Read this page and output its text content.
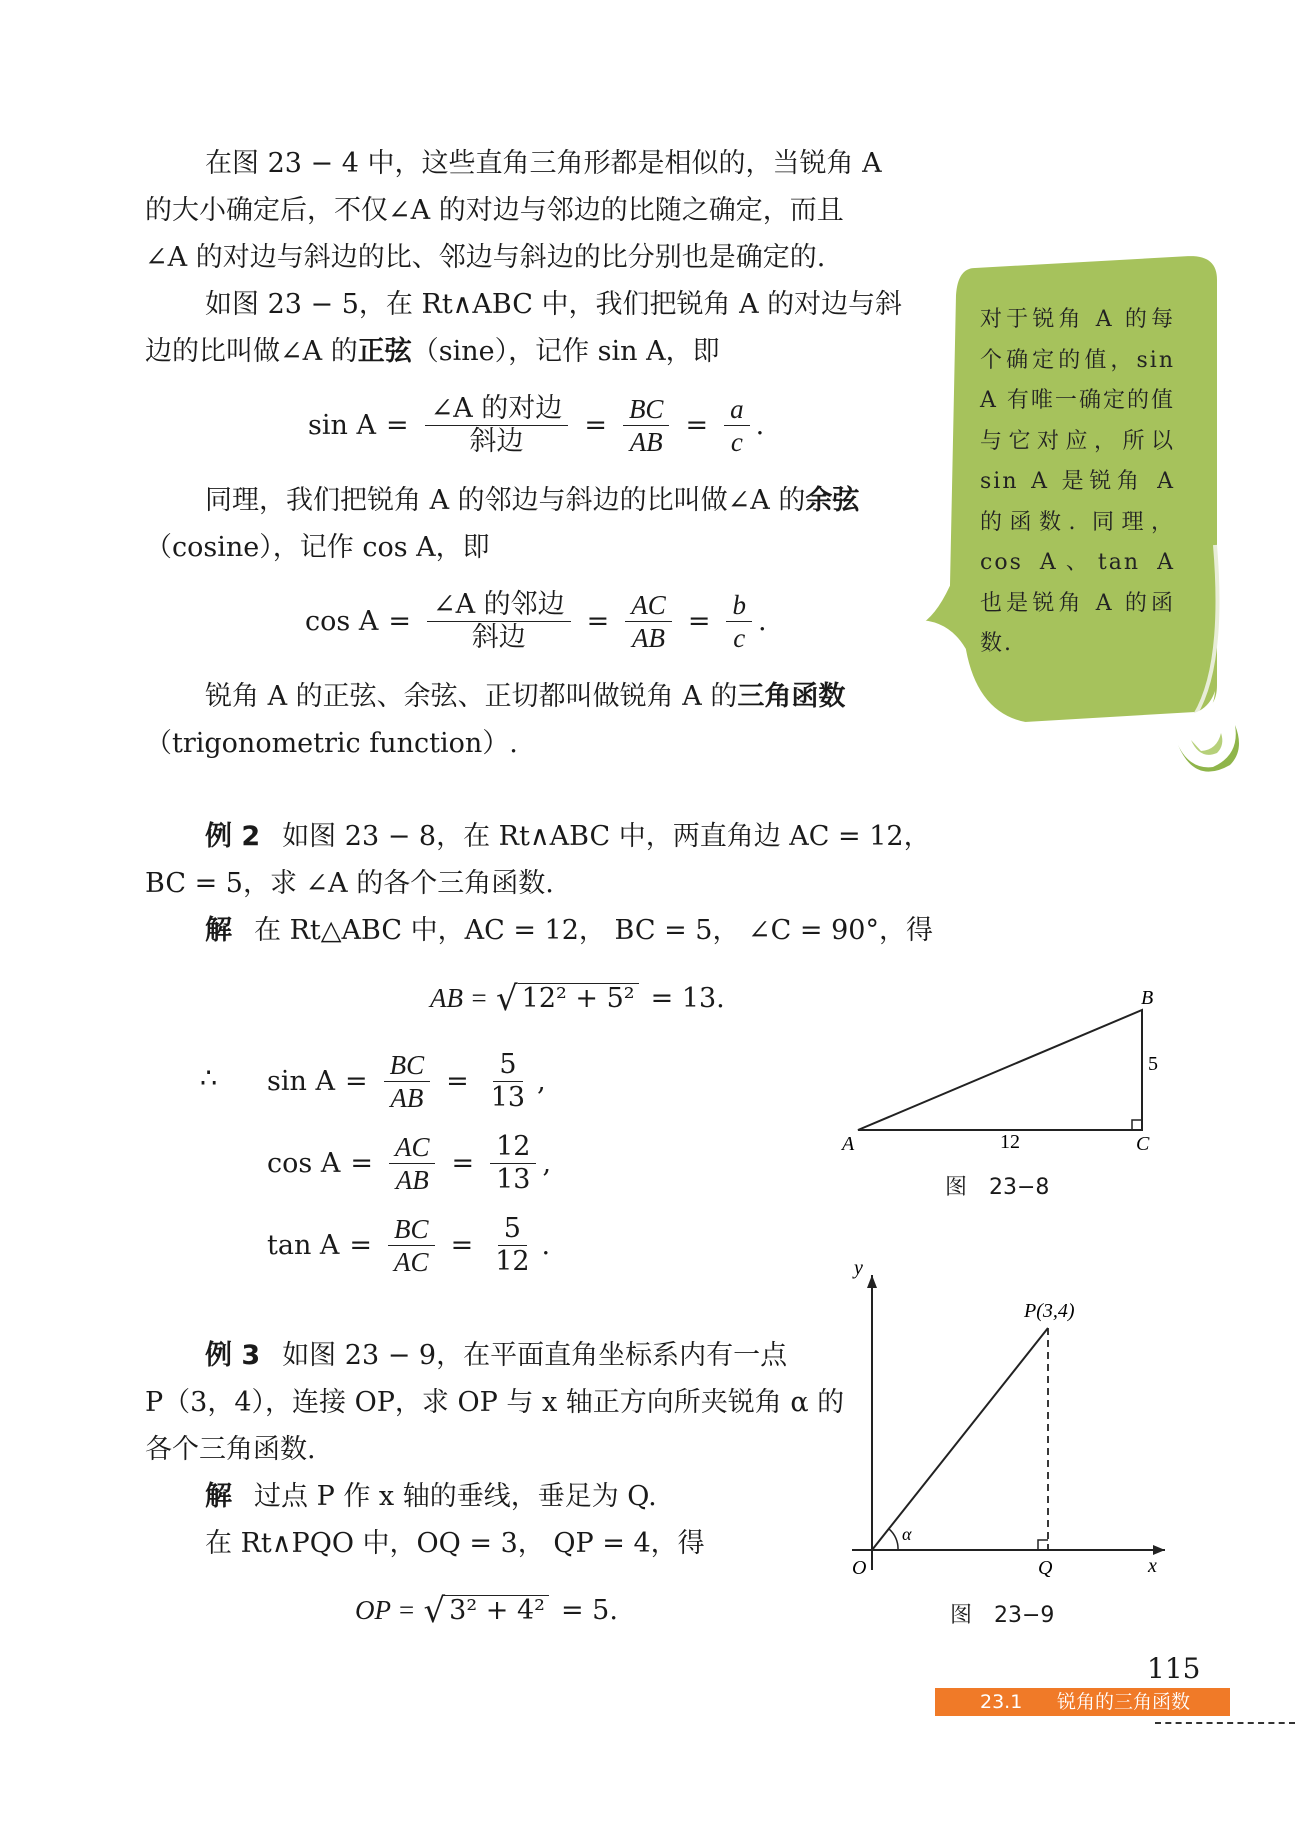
在图 23 − 4 中，这些直角三角形都是相似的，当锐角 A
的大小确定后，不仅∠A 的对边与邻边的比随之确定，而且
∠A 的对边与斜边的比、邻边与斜边的比分别也是确定的.
如图 23 − 5，在 Rt∧ABC 中，我们把锐角 A 的对边与斜
边的比叫做∠A 的正弦（sine），记作 sin A，即
$\sin A = \frac{\text{∠A 的对边}}{\text{斜边}} = \frac{BC}{AB} = \frac{a}{c}$ .
同理，我们把锐角 A 的邻边与斜边的比叫做∠A 的余弦
（cosine），记作 cos A，即
$\cos A = \frac{\text{∠A 的邻边}}{\text{斜边}} = \frac{AC}{AB} = \frac{b}{c}$ .
锐角 A 的正弦、余弦、正切都叫做锐角 A 的三角函数
（trigonometric function）.
例 2 如图 23 − 8，在 Rt∧ABC 中，两直角边 AC = 12，
BC = 5，求 ∠A 的各个三角函数.
解 在 Rt△ABC 中，AC = 12， BC = 5， ∠C = 90°，得
AB = √ 12² + 5² = 13.
∴ $\sin A = \frac{BC}{AB} = \frac{5}{13}$ ,
$\cos A = \frac{AC}{AB} = \frac{12}{13}$ ,
$\tan A = \frac{BC}{AC} = \frac{5}{12}$ .
例 3 如图 23 − 9，在平面直角坐标系内有一点
P（3，4），连接 OP，求 OP 与 x 轴正方向所夹锐角 α 的
各个三角函数.
解 过点 P 作 x 轴的垂线，垂足为 Q.
在 Rt∧PQO 中，OQ = 3， QP = 4，得
OP = √ 3² + 4² = 5.
对于锐角 A 的每个确定的值，sin A 有唯一确定的值与它对应，所以 sin A 是锐角 A 的函数. 同理，cos A、tan A 也是锐角 A 的函数.
A
B
C
12
5
图　23−8
y
x
O	Q
P(3,4)
α
图　23−9
115
23.1 锐角的三角函数
